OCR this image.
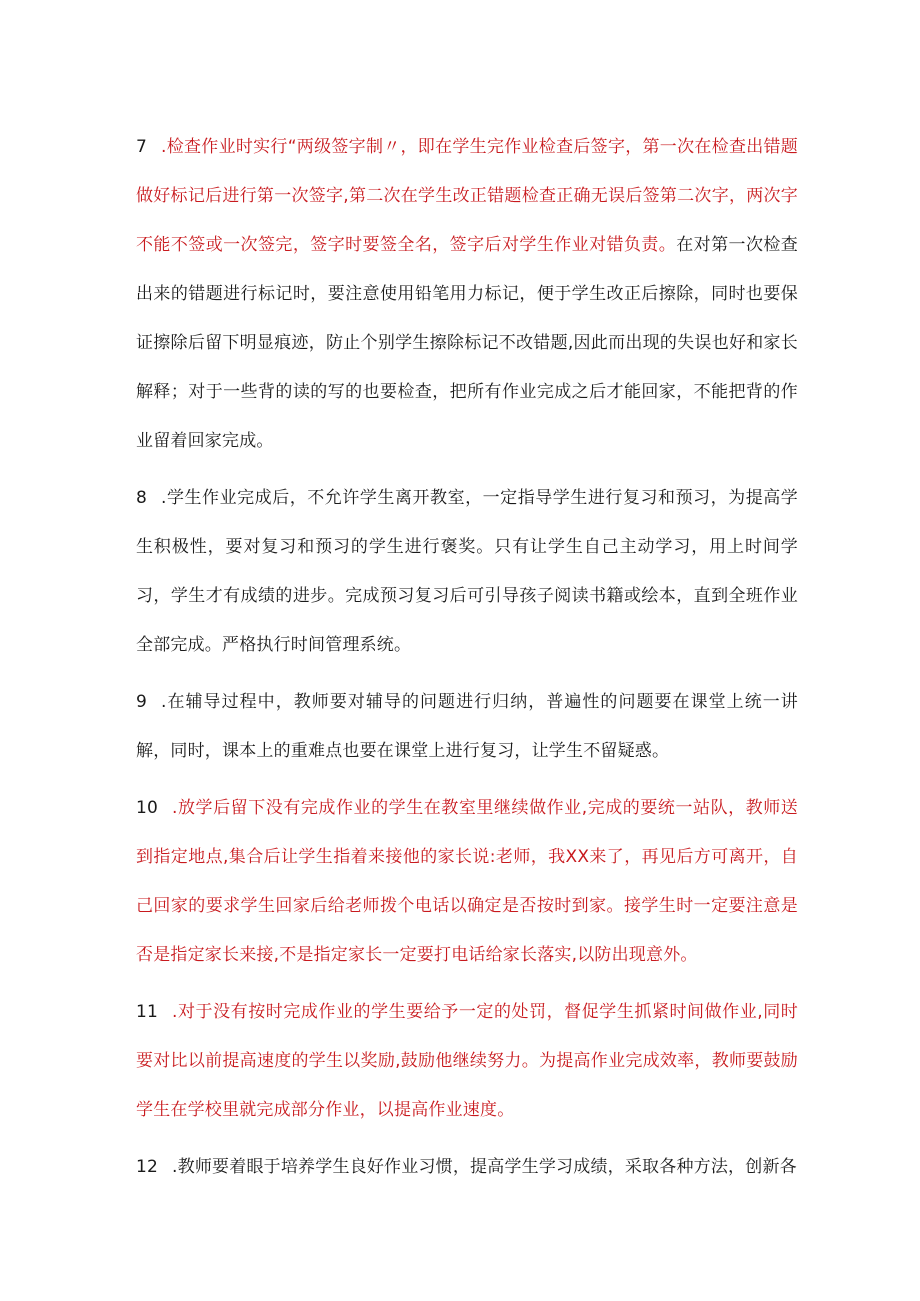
7 .检查作业时实行“两级签字制〃，即在学生完作业检查后签字，第一次在检查出错题做好标记后进行第一次签字,第二次在学生改正错题检查正确无误后签第二次字，两次字不能不签或一次签完，签字时要签全名，签字后对学生作业对错负责。在对第一次检查出来的错题进行标记时，要注意使用铅笔用力标记，便于学生改正后擦除，同时也要保证擦除后留下明显痕迹，防止个别学生擦除标记不改错题,因此而出现的失误也好和家长解释；对于一些背的读的写的也要检查，把所有作业完成之后才能回家，不能把背的作业留着回家完成。

8 .学生作业完成后，不允许学生离开教室，一定指导学生进行复习和预习，为提高学生积极性，要对复习和预习的学生进行褒奖。只有让学生自己主动学习，用上时间学习，学生才有成绩的进步。完成预习复习后可引导孩子阅读书籍或绘本，直到全班作业全部完成。严格执行时间管理系统。

9 .在辅导过程中，教师要对辅导的问题进行归纳，普遍性的问题要在课堂上统一讲解，同时，课本上的重难点也要在课堂上进行复习，让学生不留疑惑。

10 .放学后留下没有完成作业的学生在教室里继续做作业,完成的要统一站队，教师送到指定地点,集合后让学生指着来接他的家长说:老师，我XX来了，再见后方可离开，自己回家的要求学生回家后给老师拨个电话以确定是否按时到家。接学生时一定要注意是否是指定家长来接,不是指定家长一定要打电话给家长落实,以防出现意外。

11 .对于没有按时完成作业的学生要给予一定的处罚，督促学生抓紧时间做作业,同时要对比以前提高速度的学生以奖励,鼓励他继续努力。为提高作业完成效率，教师要鼓励学生在学校里就完成部分作业，以提高作业速度。

12 .教师要着眼于培养学生良好作业习惯，提高学生学习成绩，采取各种方法，创新各
